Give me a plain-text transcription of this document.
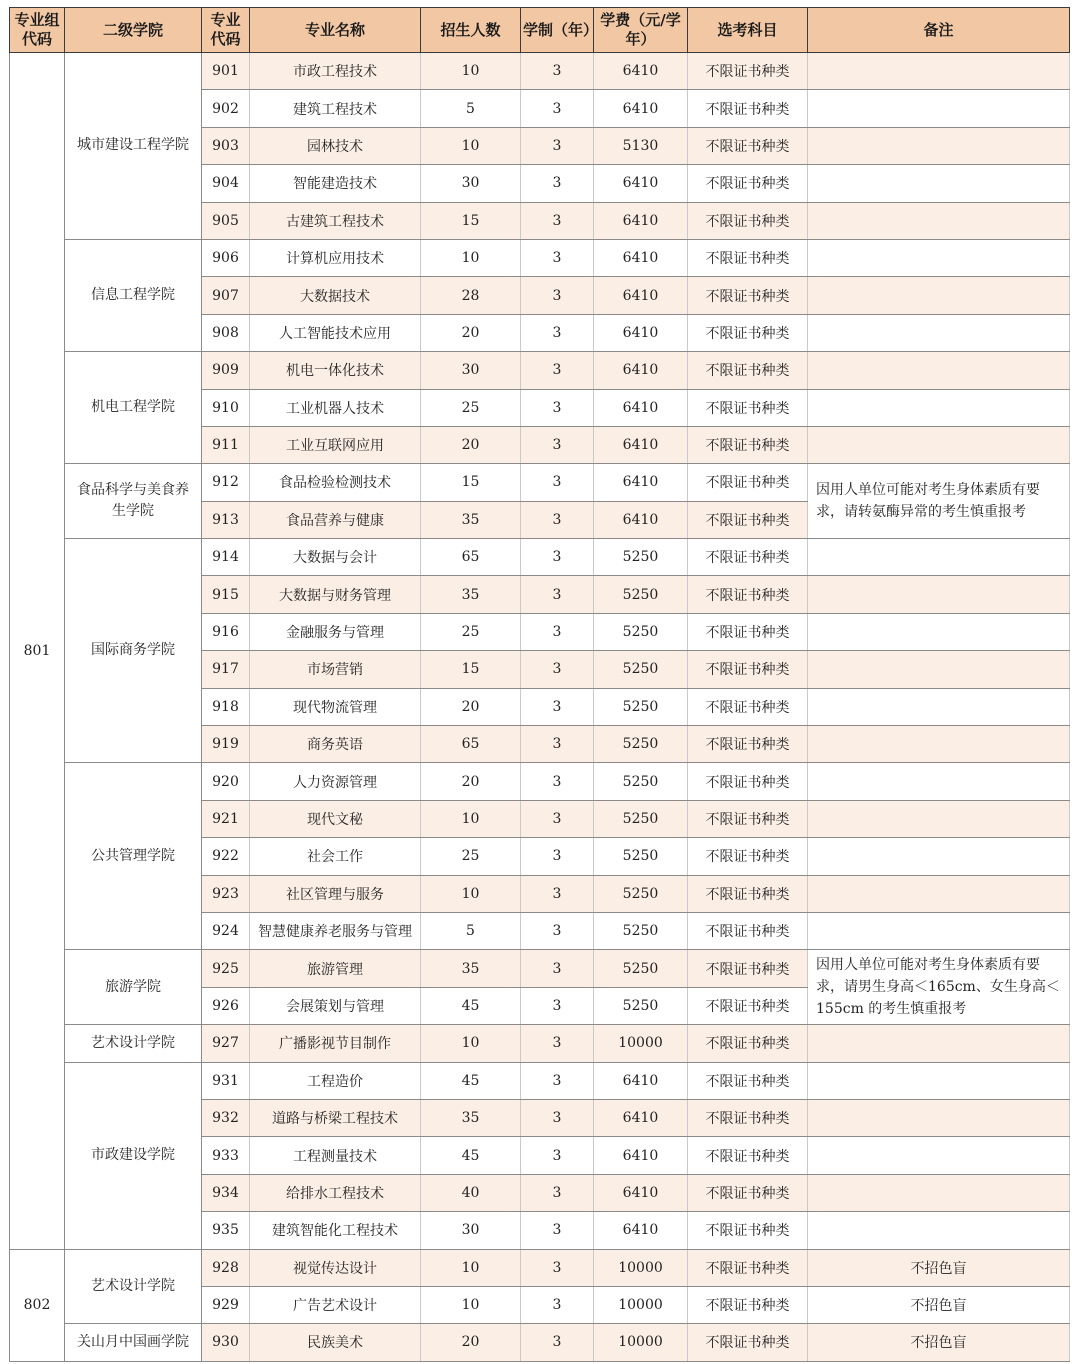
专业组代码	二级学院	专业代码	专业名称	招生人数	学制（年）	学费（元/学年）	选考科目	备注
801	城市建设工程学院	901	市政工程技术	10	3	6410	不限证书种类	
		902	建筑工程技术	5	3	6410	不限证书种类	
		903	园林技术	10	3	5130	不限证书种类	
		904	智能建造技术	30	3	6410	不限证书种类	
		905	古建筑工程技术	15	3	6410	不限证书种类	
	信息工程学院	906	计算机应用技术	10	3	6410	不限证书种类	
		907	大数据技术	28	3	6410	不限证书种类	
		908	人工智能技术应用	20	3	6410	不限证书种类	
	机电工程学院	909	机电一体化技术	30	3	6410	不限证书种类	
		910	工业机器人技术	25	3	6410	不限证书种类	
		911	工业互联网应用	20	3	6410	不限证书种类	
	食品科学与美食养生学院	912	食品检验检测技术	15	3	6410	不限证书种类	因用人单位可能对考生身体素质有要求，请转氨酶异常的考生慎重报考
		913	食品营养与健康	35	3	6410	不限证书种类	
	国际商务学院	914	大数据与会计	65	3	5250	不限证书种类	
		915	大数据与财务管理	35	3	5250	不限证书种类	
		916	金融服务与管理	25	3	5250	不限证书种类	
		917	市场营销	15	3	5250	不限证书种类	
		918	现代物流管理	20	3	5250	不限证书种类	
		919	商务英语	65	3	5250	不限证书种类	
	公共管理学院	920	人力资源管理	20	3	5250	不限证书种类	
		921	现代文秘	10	3	5250	不限证书种类	
		922	社会工作	25	3	5250	不限证书种类	
		923	社区管理与服务	10	3	5250	不限证书种类	
		924	智慧健康养老服务与管理	5	3	5250	不限证书种类	
	旅游学院	925	旅游管理	35	3	5250	不限证书种类	因用人单位可能对考生身体素质有要求，请男生身高＜165cm、女生身高＜155cm 的考生慎重报考
		926	会展策划与管理	45	3	5250	不限证书种类	
	艺术设计学院	927	广播影视节目制作	10	3	10000	不限证书种类	
	市政建设学院	931	工程造价	45	3	6410	不限证书种类	
		932	道路与桥梁工程技术	35	3	6410	不限证书种类	
		933	工程测量技术	45	3	6410	不限证书种类	
		934	给排水工程技术	40	3	6410	不限证书种类	
		935	建筑智能化工程技术	30	3	6410	不限证书种类	
802	艺术设计学院	928	视觉传达设计	10	3	10000	不限证书种类	不招色盲
		929	广告艺术设计	10	3	10000	不限证书种类	不招色盲
	关山月中国画学院	930	民族美术	20	3	10000	不限证书种类	不招色盲
